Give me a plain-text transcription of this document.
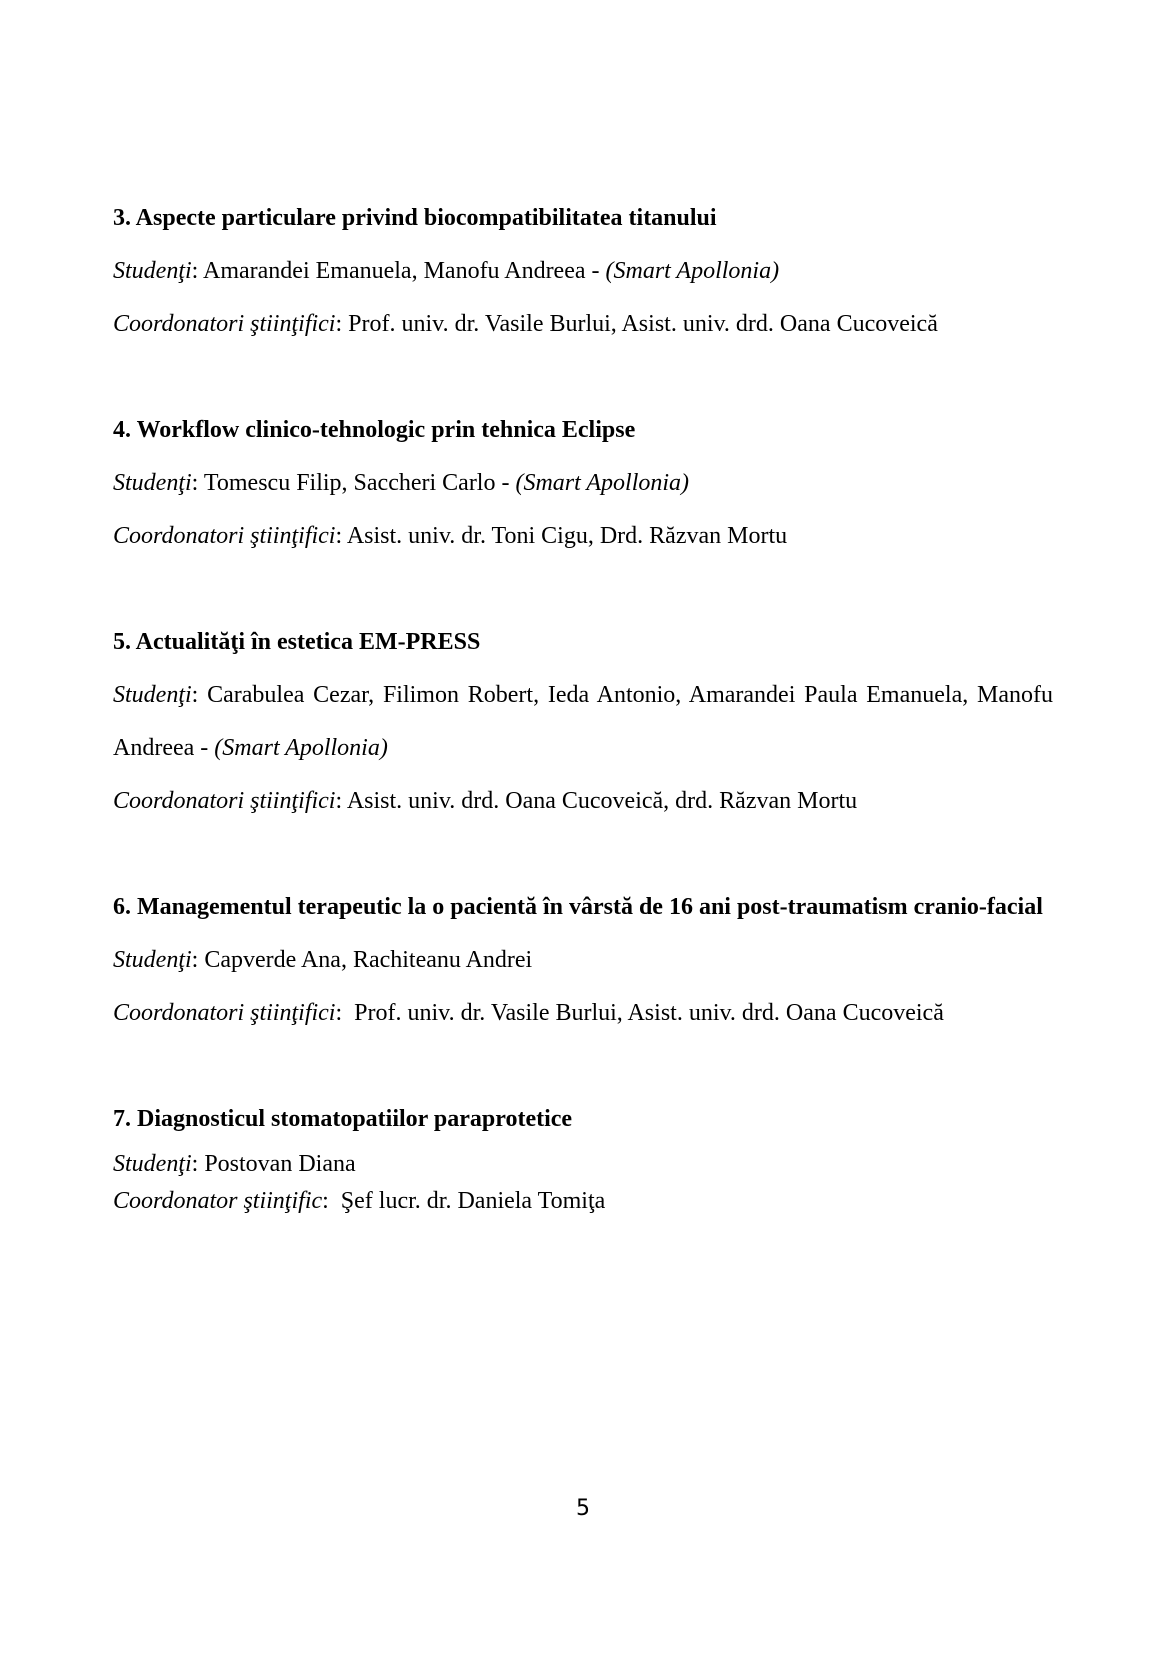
3. Aspecte particulare privind biocompatibilitatea titanului

Studenţi: Amarandei Emanuela, Manofu Andreea - (Smart Apollonia)

Coordonatori ştiinţifici: Prof. univ. dr. Vasile Burlui, Asist. univ. drd. Oana Cucoveică

4. Workflow clinico-tehnologic prin tehnica Eclipse

Studenţi: Tomescu Filip, Saccheri Carlo - (Smart Apollonia)

Coordonatori ştiinţifici: Asist. univ. dr. Toni Cigu, Drd. Răzvan Mortu

5. Actualităţi în estetica EM-PRESS

Studenţi: Carabulea Cezar, Filimon Robert, Ieda Antonio, Amarandei Paula Emanuela, Manofu Andreea - (Smart Apollonia)

Coordonatori ştiinţifici: Asist. univ. drd. Oana Cucoveică, drd. Răzvan Mortu

6. Managementul terapeutic la o pacientă în vârstă de 16 ani post-traumatism cranio-facial

Studenţi: Capverde Ana, Rachiteanu Andrei

Coordonatori ştiinţifici:  Prof. univ. dr. Vasile Burlui, Asist. univ. drd. Oana Cucoveică

7. Diagnosticul stomatopatiilor paraprotetice

Studenţi: Postovan Diana

Coordonator ştiinţific:  Şef lucr. dr. Daniela Tomiţa

5
